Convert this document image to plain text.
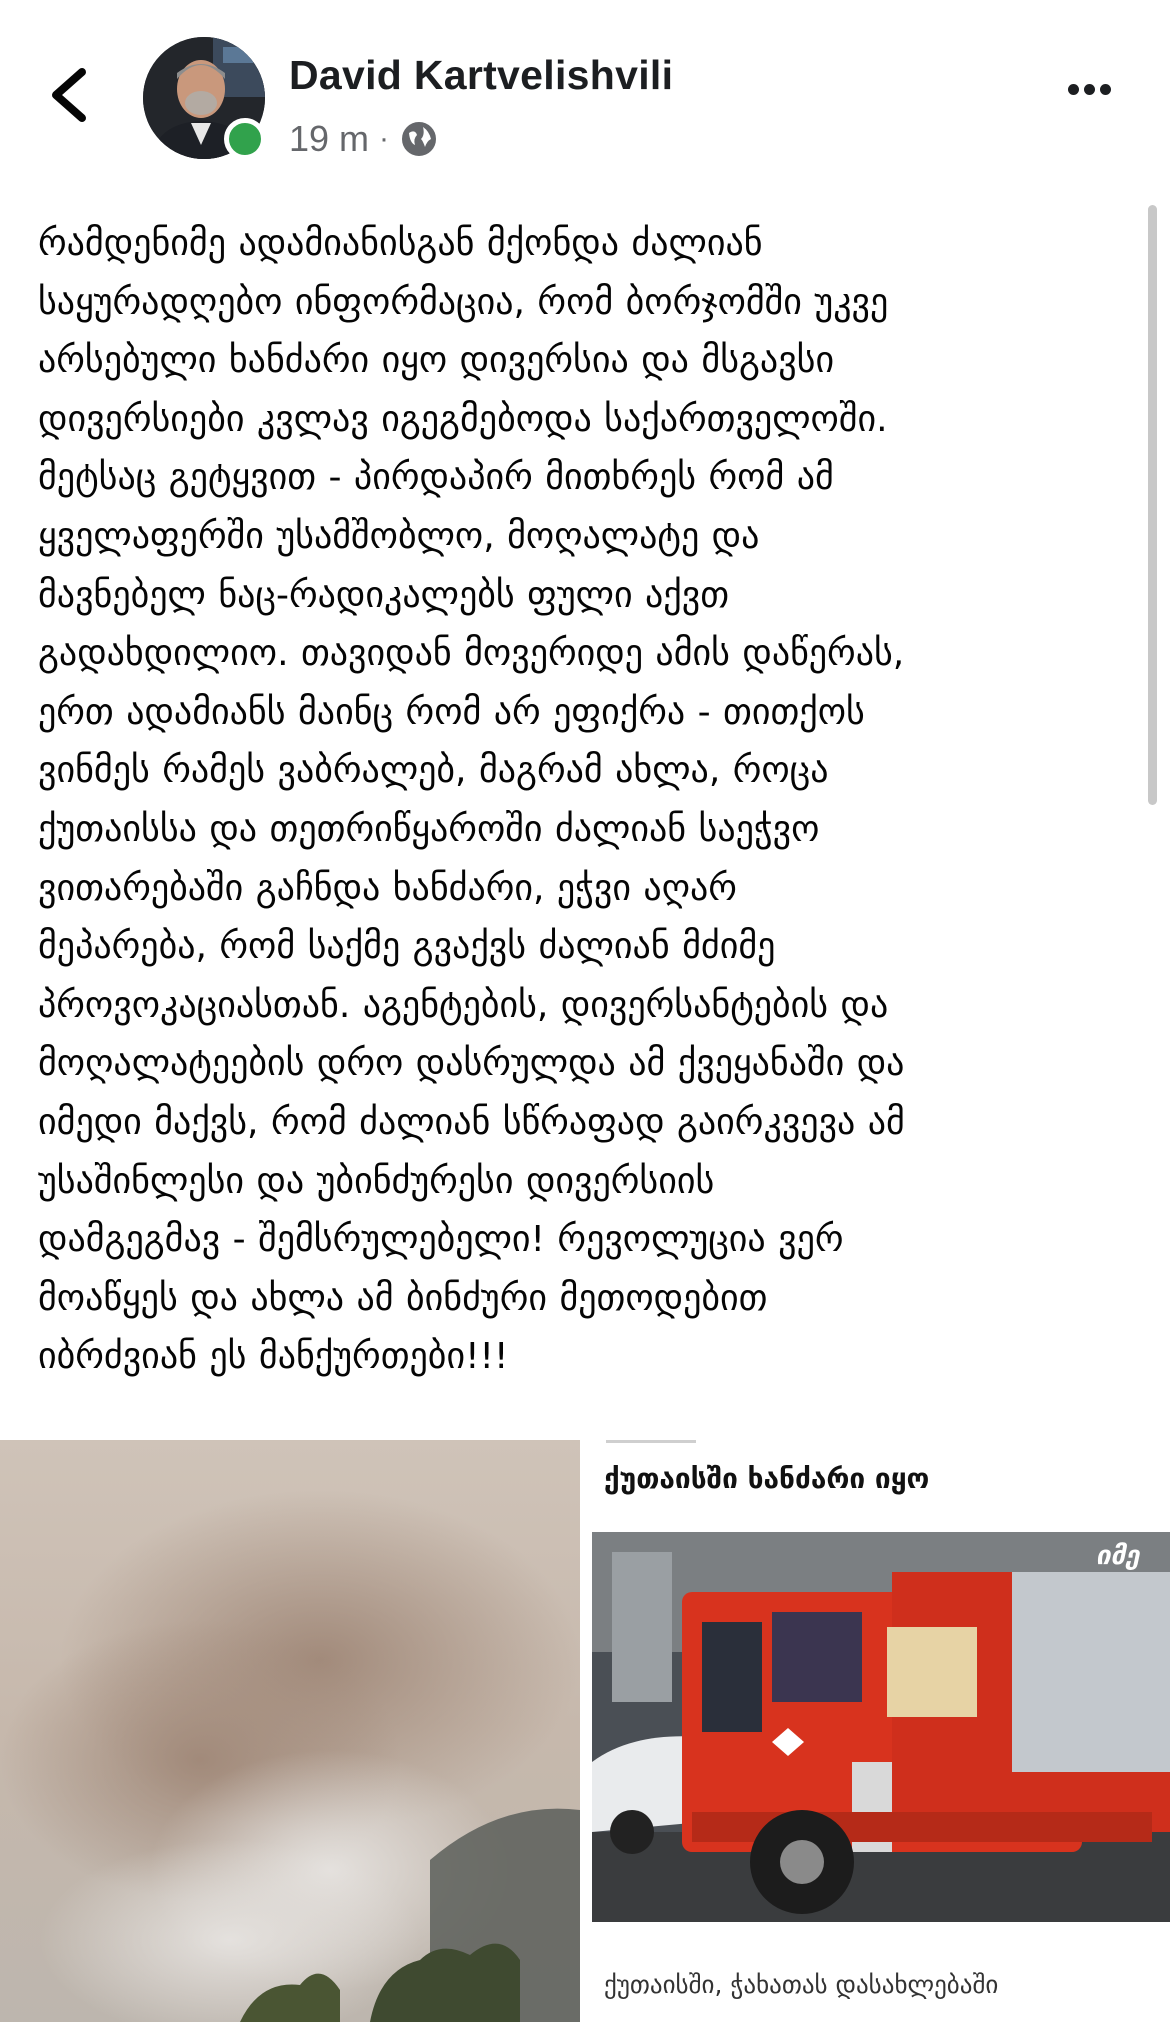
David Kartvelishvili
19 m ·
რამდენიმე ადამიანისგან მქონდა ძალიან
საყურადღებო ინფორმაცია, რომ ბორჯომში უკვე
არსებული ხანძარი იყო დივერსია და მსგავსი
დივერსიები კვლავ იგეგმებოდა საქართველოში.
მეტსაც გეტყვით - პირდაპირ მითხრეს რომ ამ
ყველაფერში უსამშობლო, მოღალატე და
მავნებელ ნაც-რადიკალებს ფული აქვთ
გადახდილიო. თავიდან მოვერიდე ამის დაწერას,
ერთ ადამიანს მაინც რომ არ ეფიქრა - თითქოს
ვინმეს რამეს ვაბრალებ, მაგრამ ახლა, როცა
ქუთაისსა და თეთრიწყაროში ძალიან საეჭვო
ვითარებაში გაჩნდა ხანძარი, ეჭვი აღარ
მეპარება, რომ საქმე გვაქვს ძალიან მძიმე
პროვოკაციასთან. აგენტების, დივერსანტების და
მოღალატეების დრო დასრულდა ამ ქვეყანაში და
იმედი მაქვს, რომ ძალიან სწრაფად გაირკვევა ამ
უსაშინლესი და უბინძურესი დივერსიის
დამგეგმავ - შემსრულებელი! რევოლუცია ვერ
მოაწყეს და ახლა ამ ბინძური მეთოდებით
იბრძვიან ეს მანქურთები!!!
ქუთაისში ხანძარი იყო
იმე
ქუთაისში, ჭახათას დასახლებაში
